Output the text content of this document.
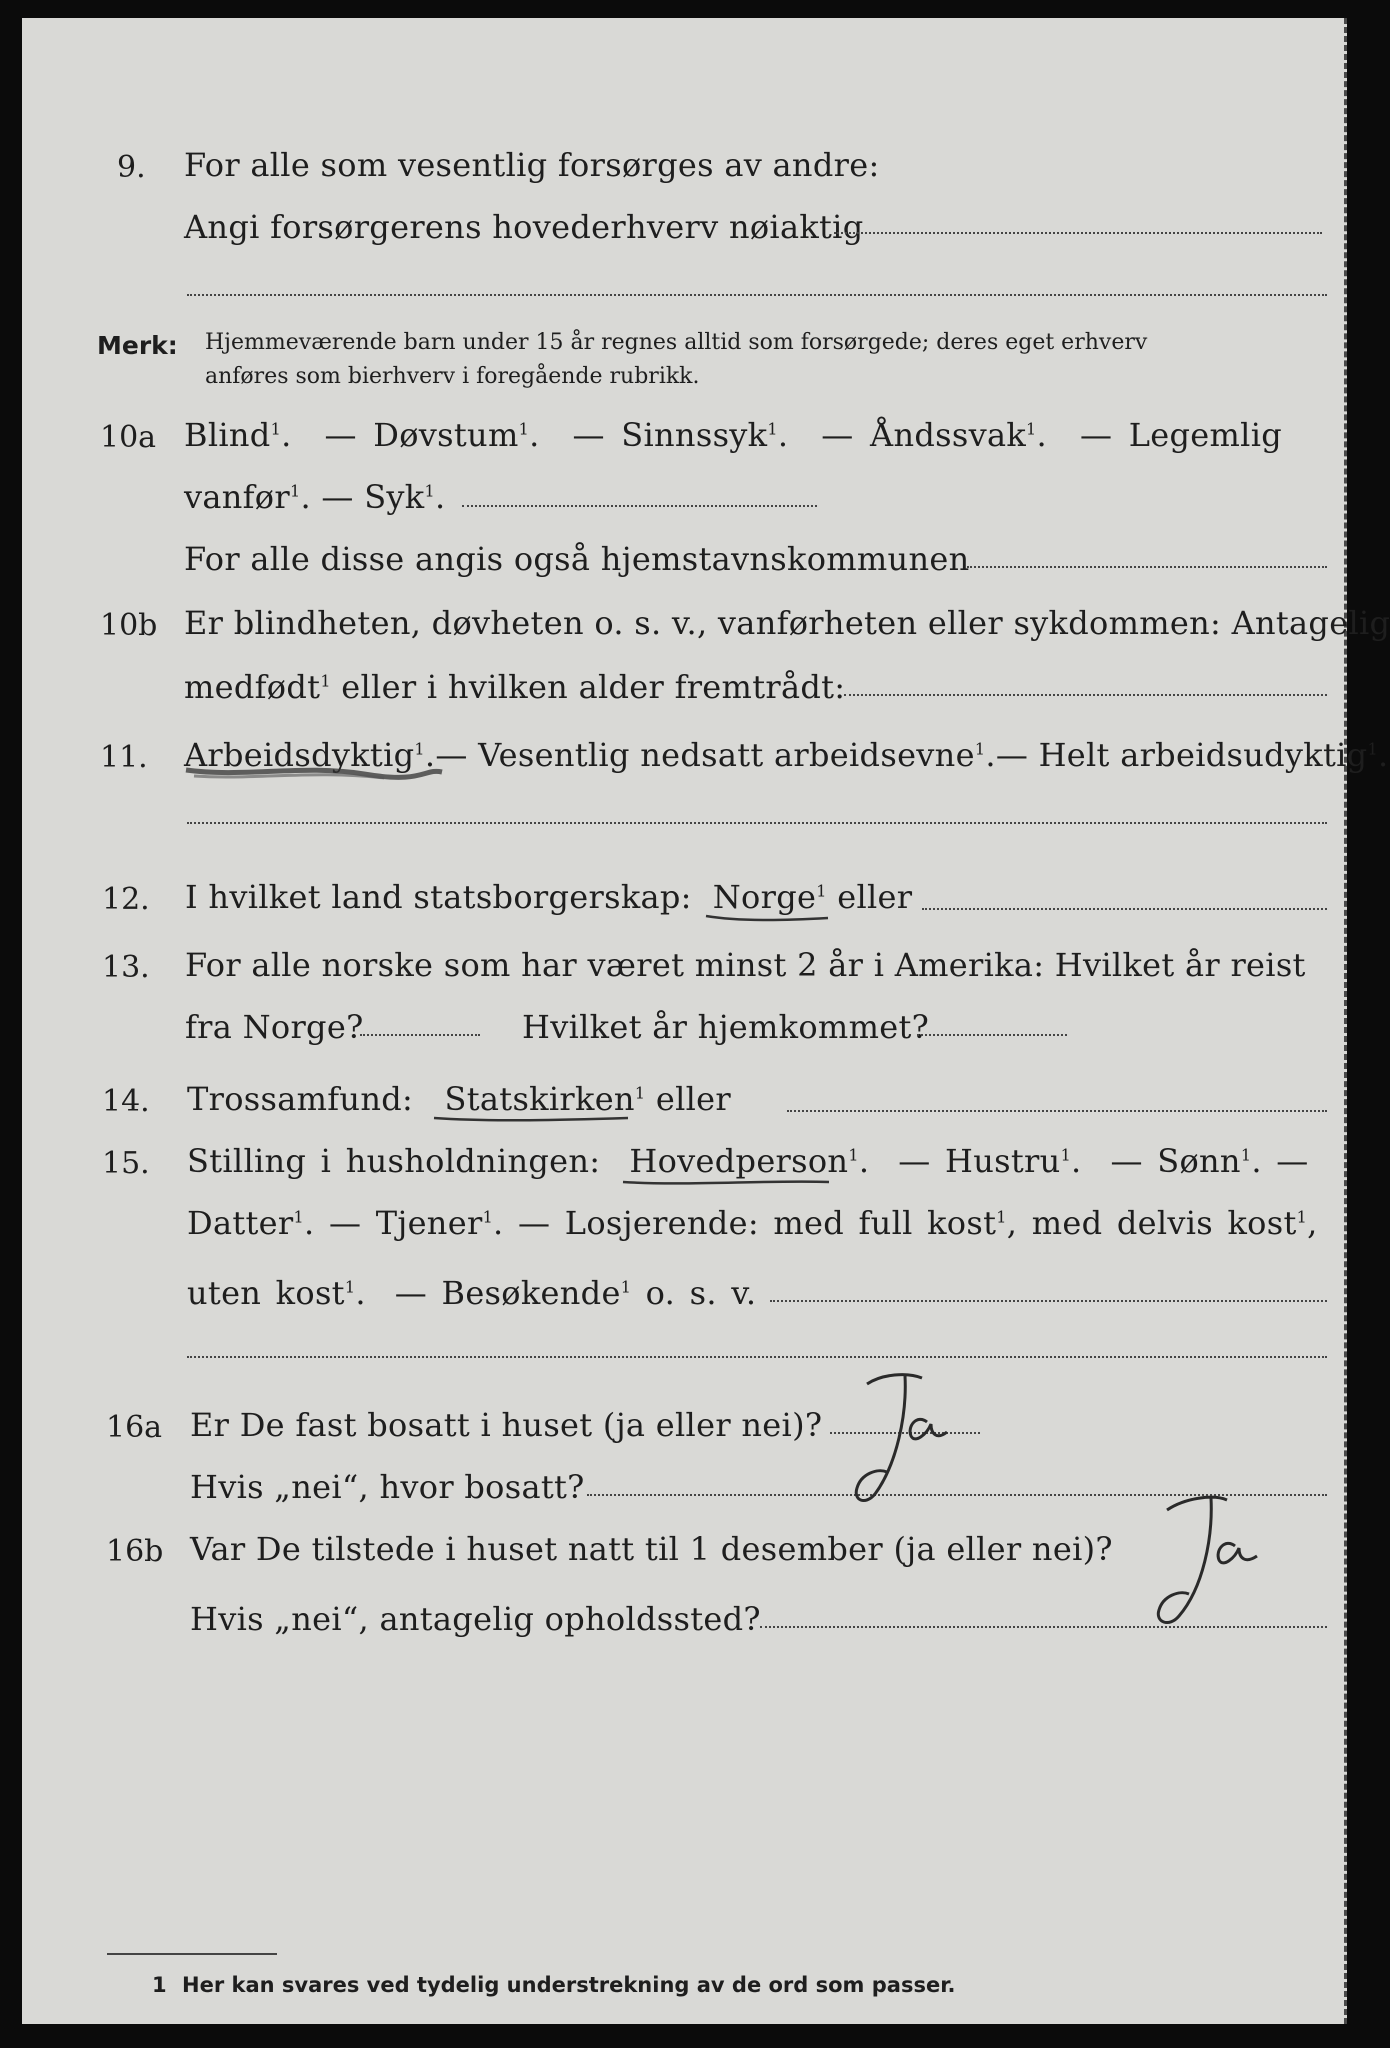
9. For alle som vesentlig forsørges av andre:
Angi forsørgerens hovederhverv nøiaktig
Merk: Hjemmeværende barn under 15 år regnes alltid som forsørgede; deres eget erhverv
anføres som bierhverv i foregående rubrikk.
10a Blind$^1$.  — Døvstum$^1$.  — Sinnssyk$^1$.  — Åndssvak$^1$.  — Legemlig
vanfør$^1$. — Syk$^1$.
For alle disse angis også hjemstavnskommunen
10b Er blindheten, døvheten o. s. v., vanførheten eller sykdommen: Antagelig
medfødt$^1$ eller i hvilken alder fremtrådt:
11. Arbeidsdyktig$^1$.
— Vesentlig nedsatt arbeidsevne$^1$.— Helt arbeidsudyktig$^1$.
12. I hvilket land statsborgerskap: Norge$^1$ eller
13. For alle norske som har været minst 2 år i Amerika: Hvilket år reist
fra Norge?	Hvilket år hjemkommet?
14. Trossamfund: Statskirken$^1$ eller
15. Stilling i husholdningen: Hovedperson$^1$.
— Hustru$^1$.  — Sønn$^1$. —
Datter$^1$. — Tjener$^1$. — Losjerende: med full kost$^1$, med delvis kost$^1$,
uten kost$^1$.  — Besøkende$^1$ o. s. v.
16a Er De fast bosatt i huset (ja eller nei)?
Hvis „nei“, hvor bosatt?
Ja
16b Var De tilstede i huset natt til 1 desember (ja eller nei)?
Hvis „nei“, antagelig opholdssted?
Ja
1 Her kan svares ved tydelig understrekning av de ord som passer.
